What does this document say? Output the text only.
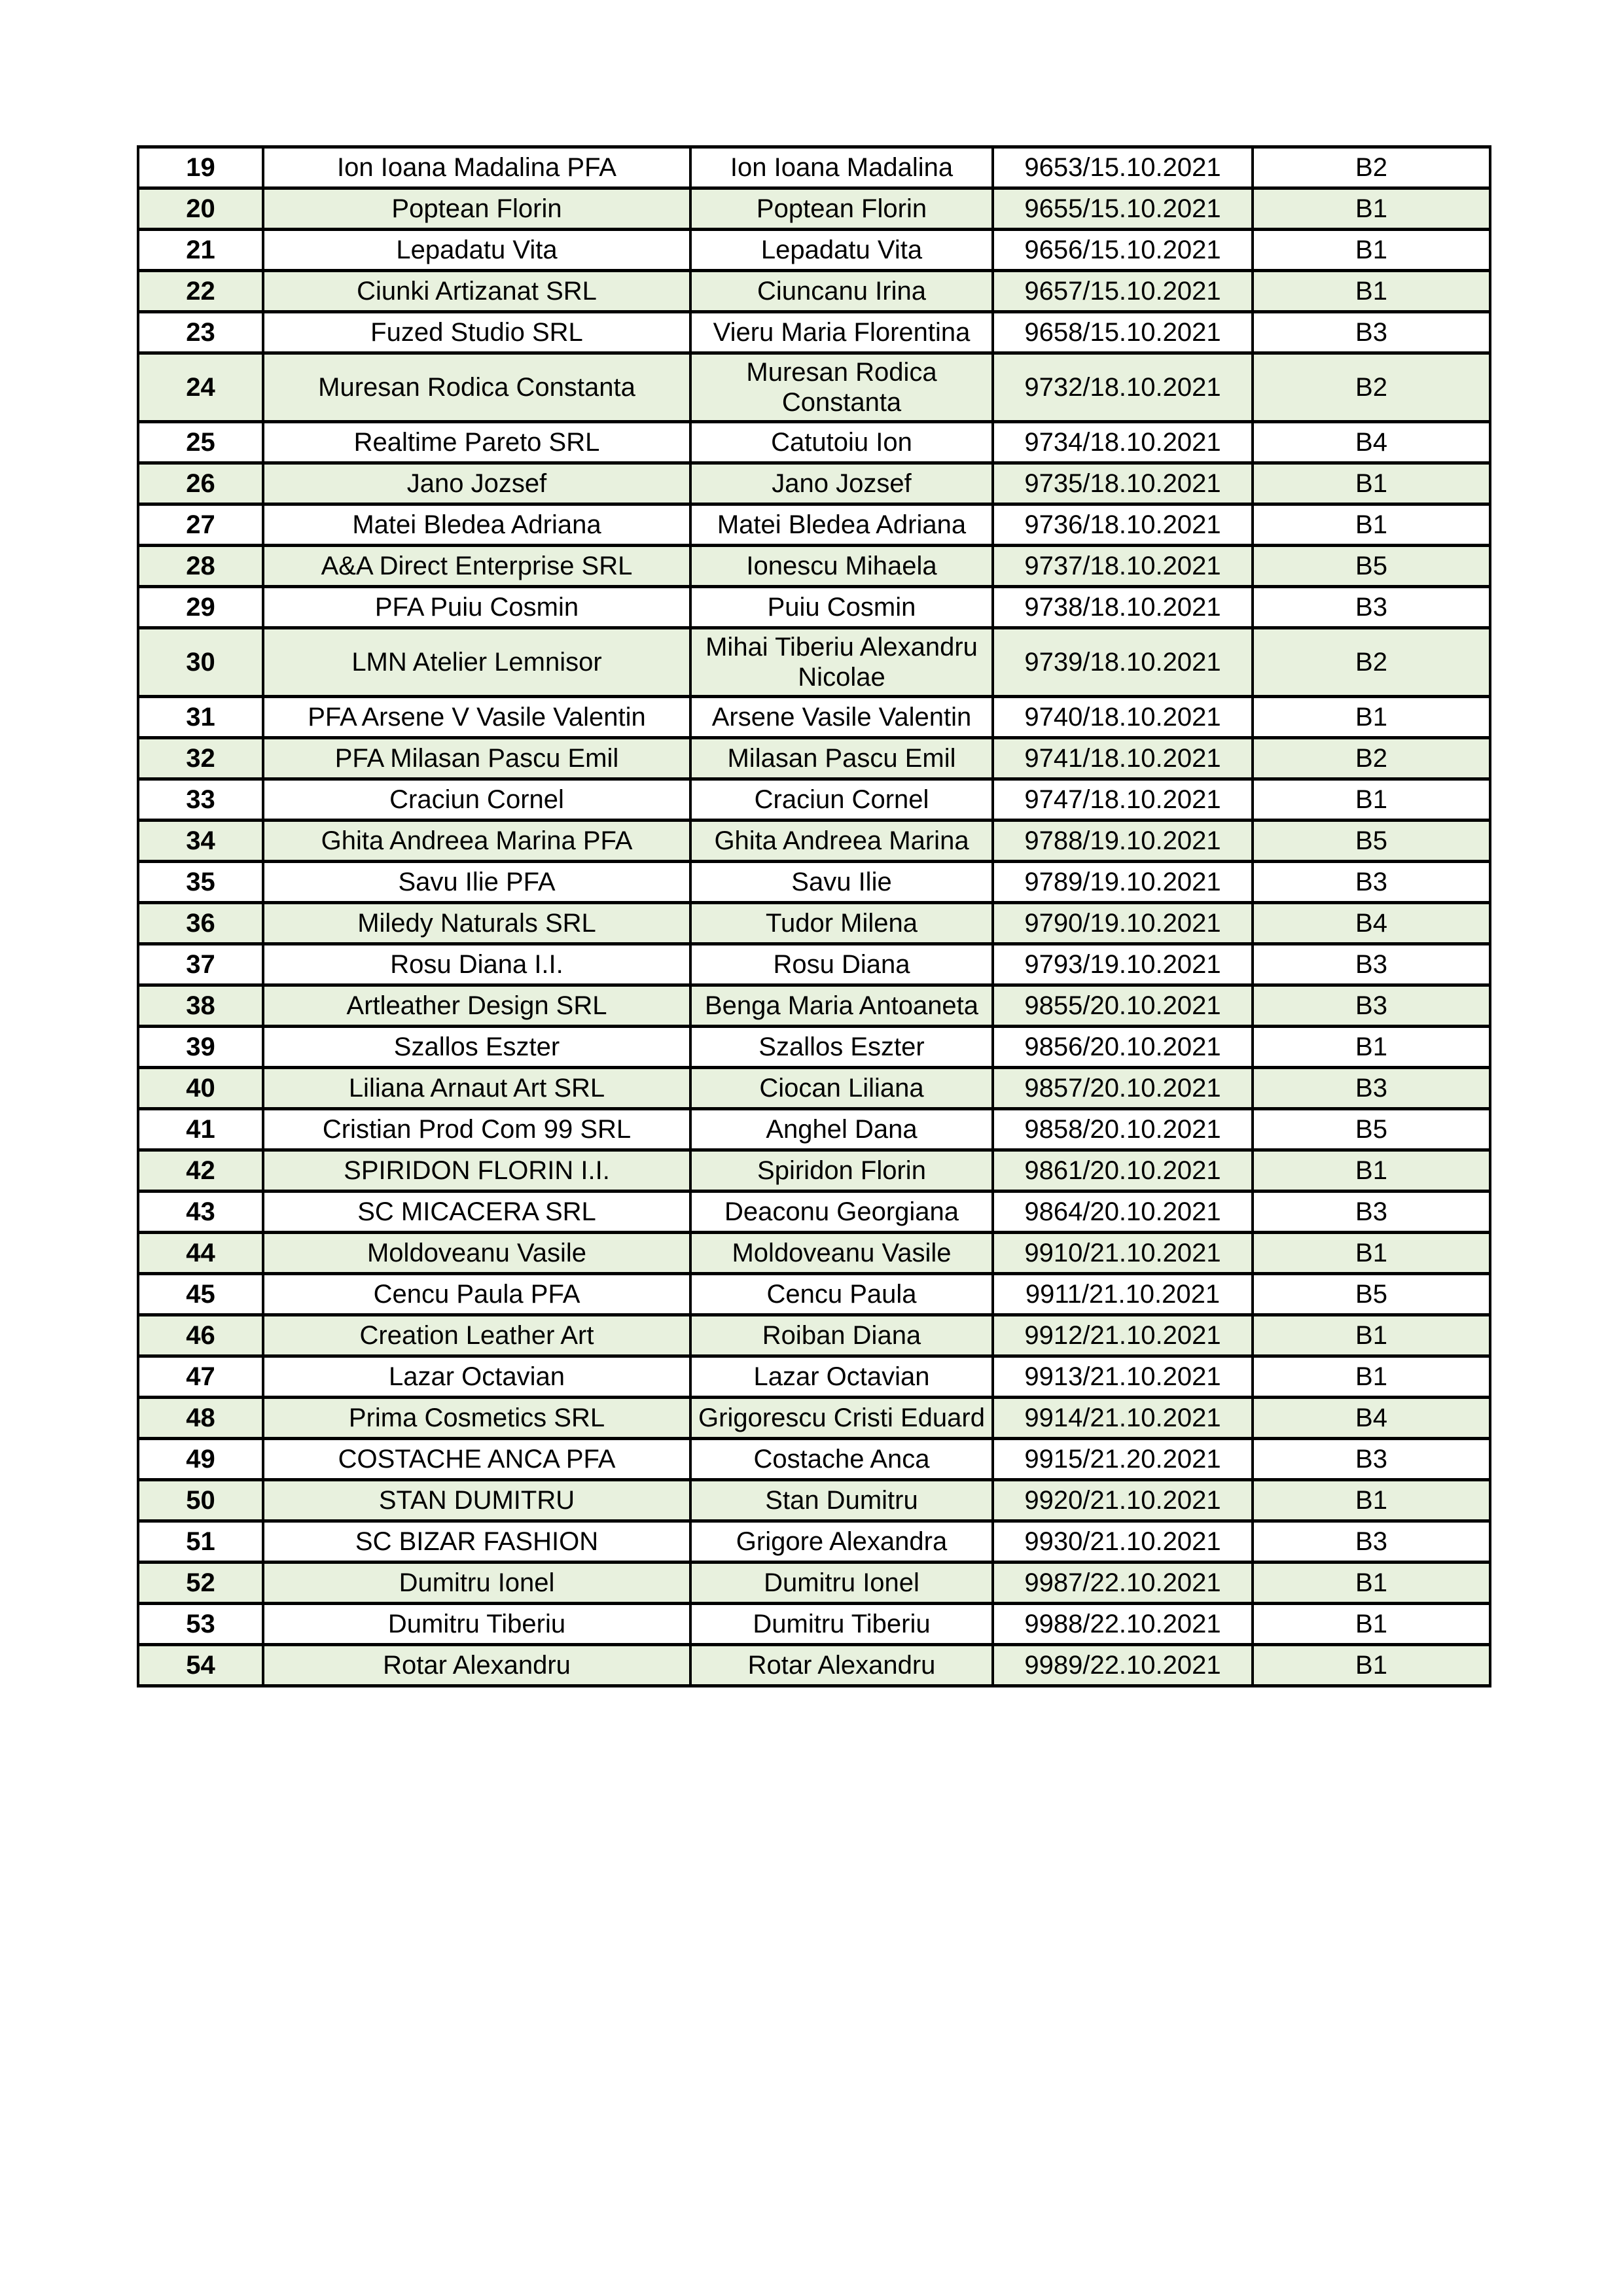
19	Ion Ioana Madalina PFA	Ion Ioana Madalina	9653/15.10.2021	B2
20	Poptean Florin	Poptean Florin	9655/15.10.2021	B1
21	Lepadatu Vita	Lepadatu Vita	9656/15.10.2021	B1
22	Ciunki Artizanat SRL	Ciuncanu Irina	9657/15.10.2021	B1
23	Fuzed Studio SRL	Vieru Maria Florentina	9658/15.10.2021	B3
24	Muresan Rodica Constanta	Muresan Rodica Constanta	9732/18.10.2021	B2
25	Realtime Pareto SRL	Catutoiu Ion	9734/18.10.2021	B4
26	Jano Jozsef	Jano Jozsef	9735/18.10.2021	B1
27	Matei Bledea Adriana	Matei Bledea Adriana	9736/18.10.2021	B1
28	A&A Direct Enterprise SRL	Ionescu Mihaela	9737/18.10.2021	B5
29	PFA Puiu Cosmin	Puiu Cosmin	9738/18.10.2021	B3
30	LMN Atelier Lemnisor	Mihai Tiberiu Alexandru Nicolae	9739/18.10.2021	B2
31	PFA Arsene V Vasile Valentin	Arsene Vasile Valentin	9740/18.10.2021	B1
32	PFA Milasan Pascu Emil	Milasan Pascu Emil	9741/18.10.2021	B2
33	Craciun Cornel	Craciun Cornel	9747/18.10.2021	B1
34	Ghita Andreea Marina PFA	Ghita Andreea Marina	9788/19.10.2021	B5
35	Savu Ilie PFA	Savu Ilie	9789/19.10.2021	B3
36	Miledy Naturals SRL	Tudor Milena	9790/19.10.2021	B4
37	Rosu Diana I.I.	Rosu Diana	9793/19.10.2021	B3
38	Artleather Design SRL	Benga Maria Antoaneta	9855/20.10.2021	B3
39	Szallos Eszter	Szallos Eszter	9856/20.10.2021	B1
40	Liliana Arnaut Art SRL	Ciocan Liliana	9857/20.10.2021	B3
41	Cristian Prod Com 99 SRL	Anghel Dana	9858/20.10.2021	B5
42	SPIRIDON FLORIN I.I.	Spiridon Florin	9861/20.10.2021	B1
43	SC MICACERA SRL	Deaconu Georgiana	9864/20.10.2021	B3
44	Moldoveanu Vasile	Moldoveanu Vasile	9910/21.10.2021	B1
45	Cencu Paula PFA	Cencu Paula	9911/21.10.2021	B5
46	Creation Leather Art	Roiban Diana	9912/21.10.2021	B1
47	Lazar Octavian	Lazar Octavian	9913/21.10.2021	B1
48	Prima Cosmetics SRL	Grigorescu Cristi Eduard	9914/21.10.2021	B4
49	COSTACHE ANCA PFA	Costache Anca	9915/21.20.2021	B3
50	STAN DUMITRU	Stan Dumitru	9920/21.10.2021	B1
51	SC BIZAR FASHION	Grigore Alexandra	9930/21.10.2021	B3
52	Dumitru Ionel	Dumitru Ionel	9987/22.10.2021	B1
53	Dumitru Tiberiu	Dumitru Tiberiu	9988/22.10.2021	B1
54	Rotar Alexandru	Rotar Alexandru	9989/22.10.2021	B1
